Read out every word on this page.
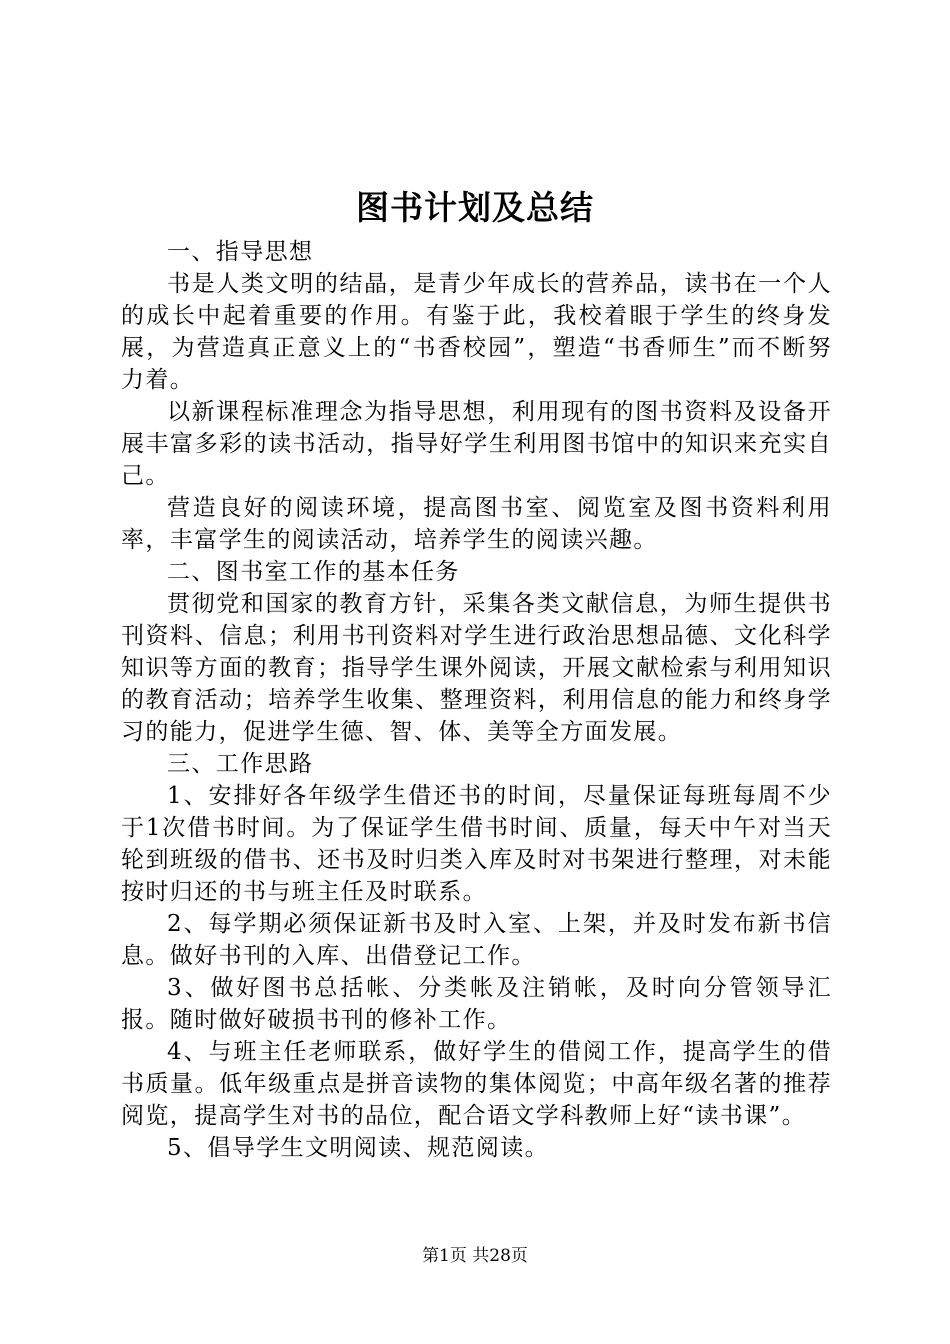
图书计划及总结

一、指导思想

书是人类文明的结晶，是青少年成长的营养品，读书在一个人的成长中起着重要的作用。有鉴于此，我校着眼于学生的终身发展，为营造真正意义上的“书香校园”，塑造“书香师生”而不断努力着。

以新课程标准理念为指导思想，利用现有的图书资料及设备开展丰富多彩的读书活动，指导好学生利用图书馆中的知识来充实自己。

营造良好的阅读环境，提高图书室、阅览室及图书资料利用率，丰富学生的阅读活动，培养学生的阅读兴趣。

二、图书室工作的基本任务

贯彻党和国家的教育方针，采集各类文献信息，为师生提供书刊资料、信息；利用书刊资料对学生进行政治思想品德、文化科学知识等方面的教育；指导学生课外阅读，开展文献检索与利用知识的教育活动；培养学生收集、整理资料，利用信息的能力和终身学习的能力，促进学生德、智、体、美等全方面发展。

三、工作思路

1、安排好各年级学生借还书的时间，尽量保证每班每周不少于1次借书时间。为了保证学生借书时间、质量，每天中午对当天轮到班级的借书、还书及时归类入库及时对书架进行整理，对未能按时归还的书与班主任及时联系。

2、每学期必须保证新书及时入室、上架，并及时发布新书信息。做好书刊的入库、出借登记工作。

3、做好图书总括帐、分类帐及注销帐，及时向分管领导汇报。随时做好破损书刊的修补工作。

4、与班主任老师联系，做好学生的借阅工作，提高学生的借书质量。低年级重点是拼音读物的集体阅览；中高年级名著的推荐阅览，提高学生对书的品位，配合语文学科教师上好“读书课”。

5、倡导学生文明阅读、规范阅读。

第1页 共28页
